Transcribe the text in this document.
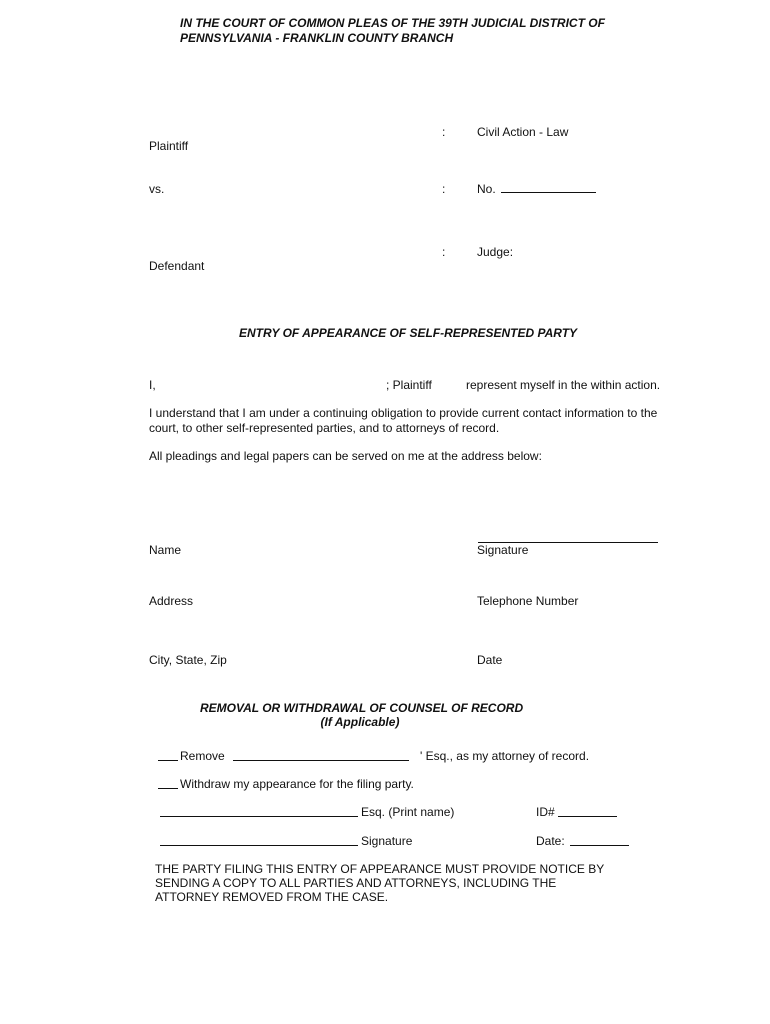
IN THE COURT OF COMMON PLEAS OF THE 39TH JUDICIAL DISTRICT OF
PENNSYLVANIA - FRANKLIN COUNTY BRANCH
:	Civil Action - Law
Plaintiff
vs.	:	No.
:	Judge:
Defendant
ENTRY OF APPEARANCE OF SELF-REPRESENTED PARTY
I,	; Plaintiff	represent myself in the within action.
I understand that I am under a continuing obligation to provide current contact information to the
court, to other self-represented parties, and to attorneys of record.
All pleadings and legal papers can be served on me at the address below:
Name	Signature
Address	Telephone Number
City, State, Zip	Date
REMOVAL OR WITHDRAWAL OF COUNSEL OF RECORD
(If Applicable)
Remove	' Esq., as my attorney of record.
Withdraw my appearance for the filing party.
Esq. (Print name)	ID#
Signature	Date:
THE PARTY FILING THIS ENTRY OF APPEARANCE MUST PROVIDE NOTICE BY
SENDING A COPY TO ALL PARTIES AND ATTORNEYS, INCLUDING THE
ATTORNEY REMOVED FROM THE CASE.
